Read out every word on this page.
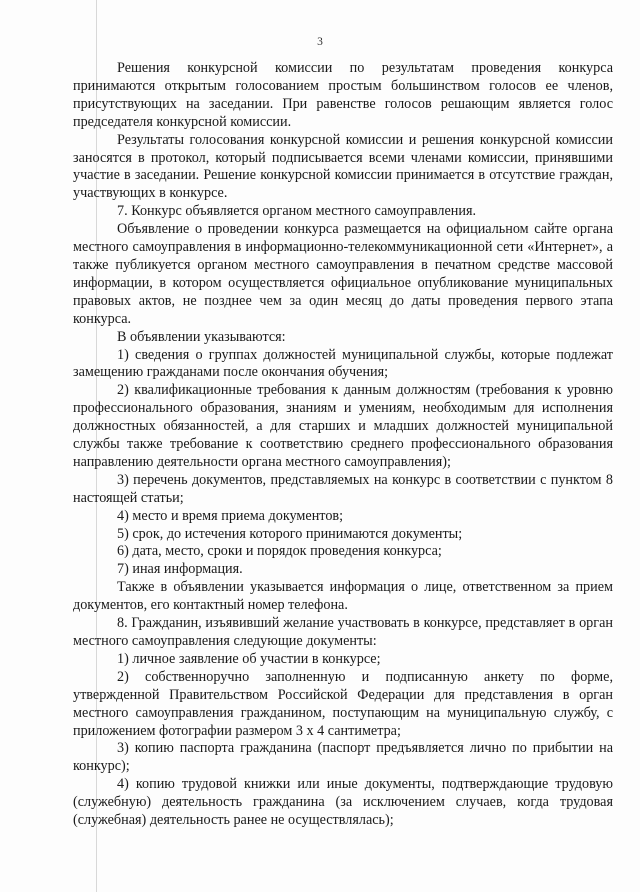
3

Решения конкурсной комиссии по результатам проведения конкурса принимаются открытым голосованием простым большинством голосов ее членов, присутствующих на заседании. При равенстве голосов решающим является голос председателя конкурсной комиссии.

Результаты голосования конкурсной комиссии и решения конкурсной комиссии заносятся в протокол, который подписывается всеми членами комиссии, принявшими участие в заседании. Решение конкурсной комиссии принимается в отсутствие граждан, участвующих в конкурсе.

7. Конкурс объявляется органом местного самоуправления.

Объявление о проведении конкурса размещается на официальном сайте органа местного самоуправления в информационно-телекоммуникационной сети «Интернет», а также публикуется органом местного самоуправления в печатном средстве массовой информации, в котором осуществляется официальное опубликование муниципальных правовых актов, не позднее чем за один месяц до даты проведения первого этапа конкурса.

В объявлении указываются:

1) сведения о группах должностей муниципальной службы, которые подлежат замещению гражданами после окончания обучения;

2) квалификационные требования к данным должностям (требования к уровню профессионального образования, знаниям и умениям, необходимым для исполнения должностных обязанностей, а для старших и младших должностей муниципальной службы также требование к соответствию среднего профессионального образования направлению деятельности органа местного самоуправления);

3) перечень документов, представляемых на конкурс в соответствии с пунктом 8 настоящей статьи;

4) место и время приема документов;

5) срок, до истечения которого принимаются документы;

6) дата, место, сроки и порядок проведения конкурса;

7) иная информация.

Также в объявлении указывается информация о лице, ответственном за прием документов, его контактный номер телефона.

8. Гражданин, изъявивший желание участвовать в конкурсе, представляет в орган местного самоуправления следующие документы:

1) личное заявление об участии в конкурсе;

2) собственноручно заполненную и подписанную анкету по форме, утвержденной Правительством Российской Федерации для представления в орган местного самоуправления гражданином, поступающим на муниципальную службу, с приложением фотографии размером 3 х 4 сантиметра;

3) копию паспорта гражданина (паспорт предъявляется лично по прибытии на конкурс);

4) копию трудовой книжки или иные документы, подтверждающие трудовую (служебную) деятельность гражданина (за исключением случаев, когда трудовая (служебная) деятельность ранее не осуществлялась);
